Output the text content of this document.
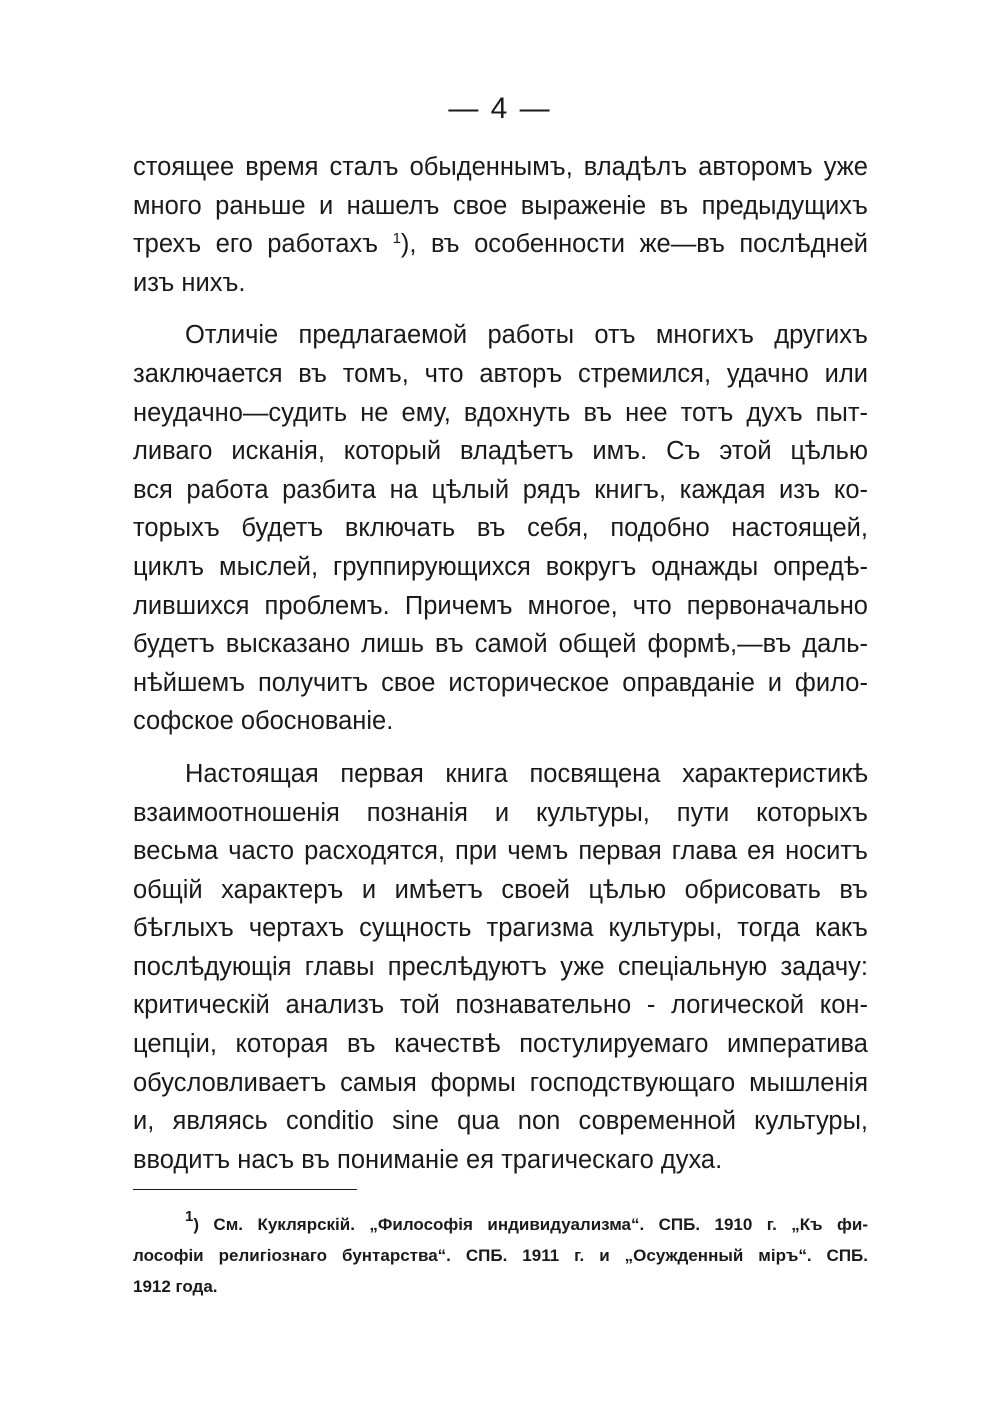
— 4 —

стоящее время сталъ обыденнымъ, владѣлъ авторомъ уже
много раньше и нашелъ свое выраженіе въ предыдущихъ
трехъ его работахъ $^1$), въ особенности же—въ послѣдней
изъ нихъ.

Отличіе предлагаемой работы отъ многихъ другихъ
заключается въ томъ, что авторъ стремился, удачно или
неудачно—судить не ему, вдохнуть въ нее тотъ духъ пыт-
ливаго исканія, который владѣетъ имъ. Съ этой цѣлью
вся работа разбита на цѣлый рядъ книгъ, каждая изъ ко-
торыхъ будетъ включать въ себя, подобно настоящей,
циклъ мыслей, группирующихся вокругъ однажды опредѣ-
лившихся проблемъ. Причемъ многое, что первоначально
будетъ высказано лишь въ самой общей формѣ,—въ даль-
нѣйшемъ получитъ свое историческое оправданіе и фило-
софское обоснованіе.

Настоящая первая книга посвящена характеристикѣ
взаимоотношенія познанія и культуры, пути которыхъ
весьма часто расходятся, при чемъ первая глава ея носитъ
общій характеръ и имѣетъ своей цѣлью обрисовать въ
бѣглыхъ чертахъ сущность трагизма культуры, тогда какъ
послѣдующія главы преслѣдуютъ уже спеціальную задачу:
критическій анализъ той познавательно - логической кон-
цепціи, которая въ качествѣ постулируемаго императива
обусловливаетъ самыя формы господствующаго мышленія
и, являясь conditio sine qua non современной культуры,
вводитъ насъ въ пониманіе ея трагическаго духа.

$^1$) См. Куклярскій. „Философія индивидуализма“. СПБ. 1910 г. „Къ фи-
лософіи религіознаго бунтарства“. СПБ. 1911 г. и „Осужденный міръ“. СПБ.
1912 года.
